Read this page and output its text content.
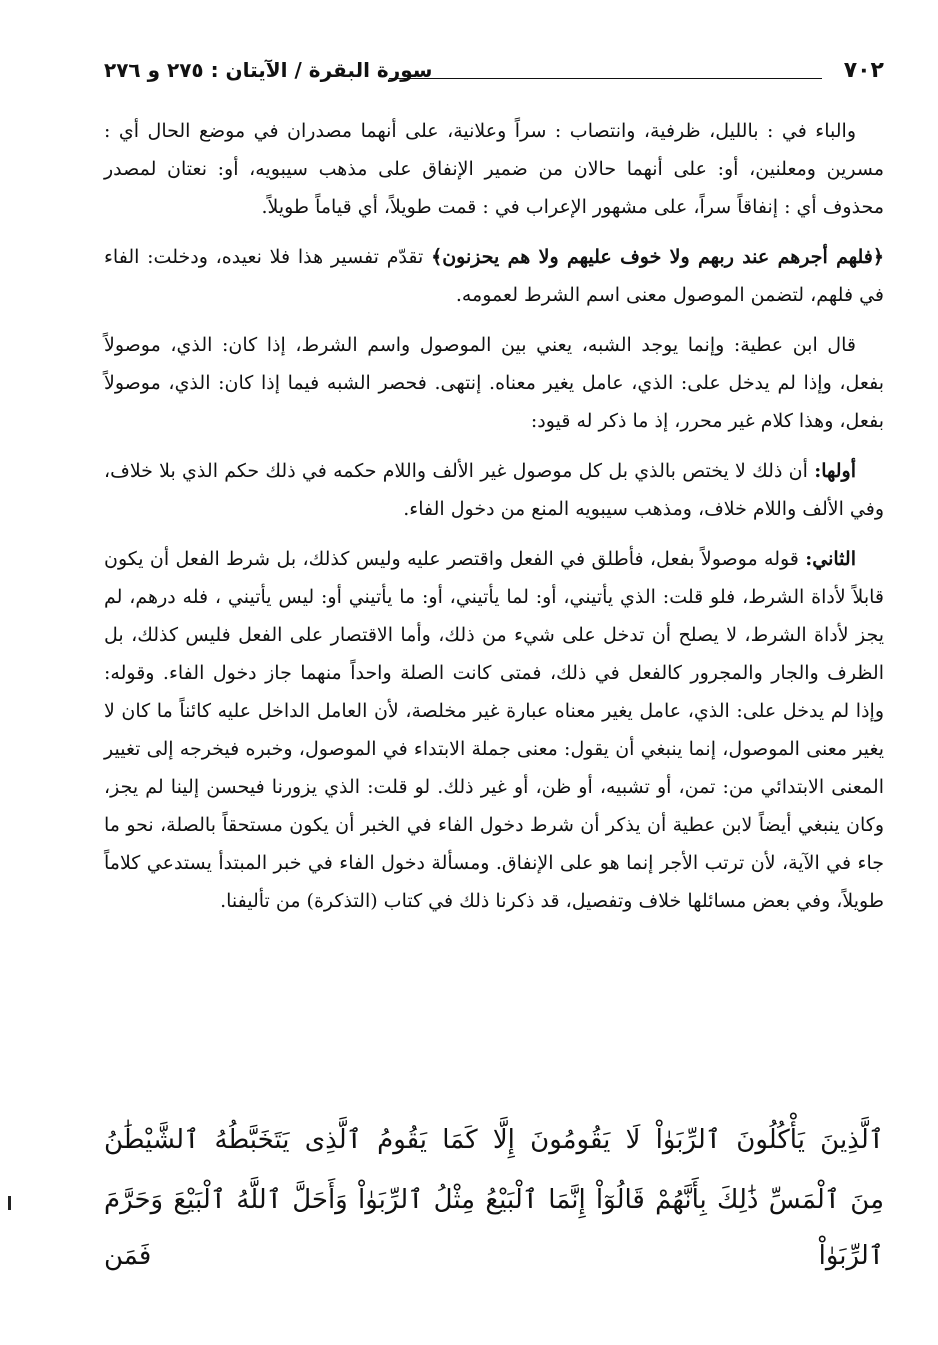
٧٠٢
سورة البقرة / الآيتان : ٢٧٥ و ٢٧٦
والباء في : بالليل، ظرفية، وانتصاب : سراً وعلانية، على أنهما مصدران في موضع الحال أي : مسرين ومعلنين، أو: على أنهما حالان من ضمير الإنفاق على مذهب سيبويه، أو: نعتان لمصدر محذوف أي : إنفاقاً سراً، على مشهور الإعراب في : قمت طويلاً، أي قياماً طويلاً.
﴿فلهم أجرهم عند ربهم ولا خوف عليهم ولا هم يحزنون﴾ تقدّم تفسير هذا فلا نعيده، ودخلت: الفاء في فلهم، لتضمن الموصول معنى اسم الشرط لعمومه.
قال ابن عطية: وإنما يوجد الشبه، يعني بين الموصول واسم الشرط، إذا كان: الذي، موصولاً بفعل، وإذا لم يدخل على: الذي، عامل يغير معناه. إنتهى. فحصر الشبه فيما إذا كان: الذي، موصولاً بفعل، وهذا كلام غير محرر، إذ ما ذكر له قيود:
أولها: أن ذلك لا يختص بالذي بل كل موصول غير الألف واللام حكمه في ذلك حكم الذي بلا خلاف، وفي الألف واللام خلاف، ومذهب سيبويه المنع من دخول الفاء.
الثاني: قوله موصولاً بفعل، فأطلق في الفعل واقتصر عليه وليس كذلك، بل شرط الفعل أن يكون قابلاً لأداة الشرط، فلو قلت: الذي يأتيني، أو: لما يأتيني، أو: ما يأتيني أو: ليس يأتيني ، فله درهم، لم يجز لأداة الشرط، لا يصلح أن تدخل على شيء من ذلك، وأما الاقتصار على الفعل فليس كذلك، بل الظرف والجار والمجرور كالفعل في ذلك، فمتى كانت الصلة واحداً منهما جاز دخول الفاء. وقوله: وإذا لم يدخل على: الذي، عامل يغير معناه عبارة غير مخلصة، لأن العامل الداخل عليه كائناً ما كان لا يغير معنى الموصول، إنما ينبغي أن يقول: معنى جملة الابتداء في الموصول، وخبره فيخرجه إلى تغيير المعنى الابتدائي من: تمن، أو تشبيه، أو ظن، أو غير ذلك. لو قلت: الذي يزورنا فيحسن إلينا لم يجز، وكان ينبغي أيضاً لابن عطية أن يذكر أن شرط دخول الفاء في الخبر أن يكون مستحقاً بالصلة، نحو ما جاء في الآية، لأن ترتب الأجر إنما هو على الإنفاق. ومسألة دخول الفاء في خبر المبتدأ يستدعي كلاماً طويلاً، وفي بعض مسائلها خلاف وتفصيل، قد ذكرنا ذلك في كتاب (التذكرة) من تأليفنا.
ٱلَّذِينَ يَأْكُلُونَ ٱلرِّبَوٰاْ لَا يَقُومُونَ إِلَّا كَمَا يَقُومُ ٱلَّذِى يَتَخَبَّطُهُ ٱلشَّيْطَٰنُ
مِنَ ٱلْمَسِّ ذَٰلِكَ بِأَنَّهُمْ قَالُوٓاْ إِنَّمَا ٱلْبَيْعُ مِثْلُ ٱلرِّبَوٰاْ وَأَحَلَّ ٱللَّهُ ٱلْبَيْعَ وَحَرَّمَ ٱلرِّبَوٰاْ فَمَن
